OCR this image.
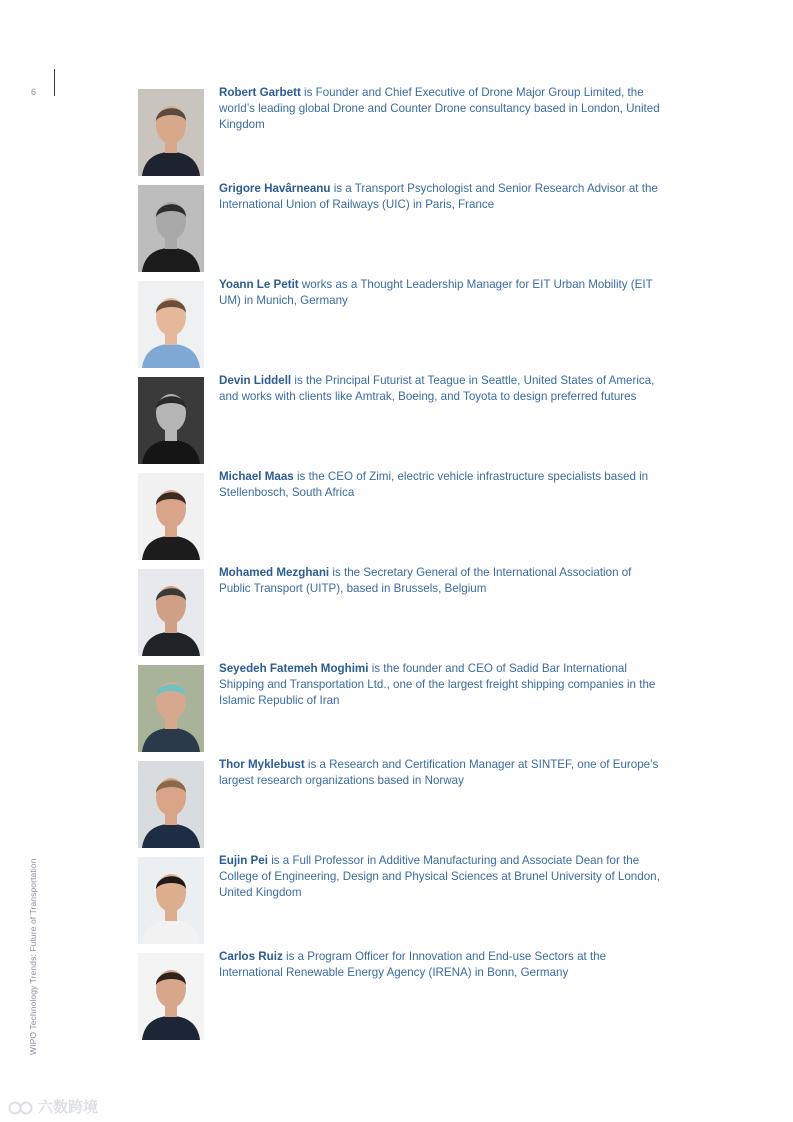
6
WIPO Technology Trends: Future of Transportation

Robert Garbett is Founder and Chief Executive of Drone Major Group Limited, the world’s leading global Drone and Counter Drone consultancy based in London, United Kingdom

Grigore Havârneanu is a Transport Psychologist and Senior Research Advisor at the International Union of Railways (UIC) in Paris, France

Yoann Le Petit works as a Thought Leadership Manager for EIT Urban Mobility (EIT UM) in Munich, Germany

Devin Liddell is the Principal Futurist at Teague in Seattle, United States of America, and works with clients like Amtrak, Boeing, and Toyota to design preferred futures

Michael Maas is the CEO of Zimi, electric vehicle infrastructure specialists based in Stellenbosch, South Africa

Mohamed Mezghani is the Secretary General of the International Association of Public Transport (UITP), based in Brussels, Belgium

Seyedeh Fatemeh Moghimi is the founder and CEO of Sadid Bar International Shipping and Transportation Ltd., one of the largest freight shipping companies in the Islamic Republic of Iran

Thor Myklebust is a Research and Certification Manager at SINTEF, one of Europe’s largest research organizations based in Norway

Eujin Pei is a Full Professor in Additive Manufacturing and Associate Dean for the College of Engineering, Design and Physical Sciences at Brunel University of London, United Kingdom

Carlos Ruiz is a Program Officer for Innovation and End-use Sectors at the International Renewable Energy Agency (IRENA) in Bonn, Germany

六数跨境
